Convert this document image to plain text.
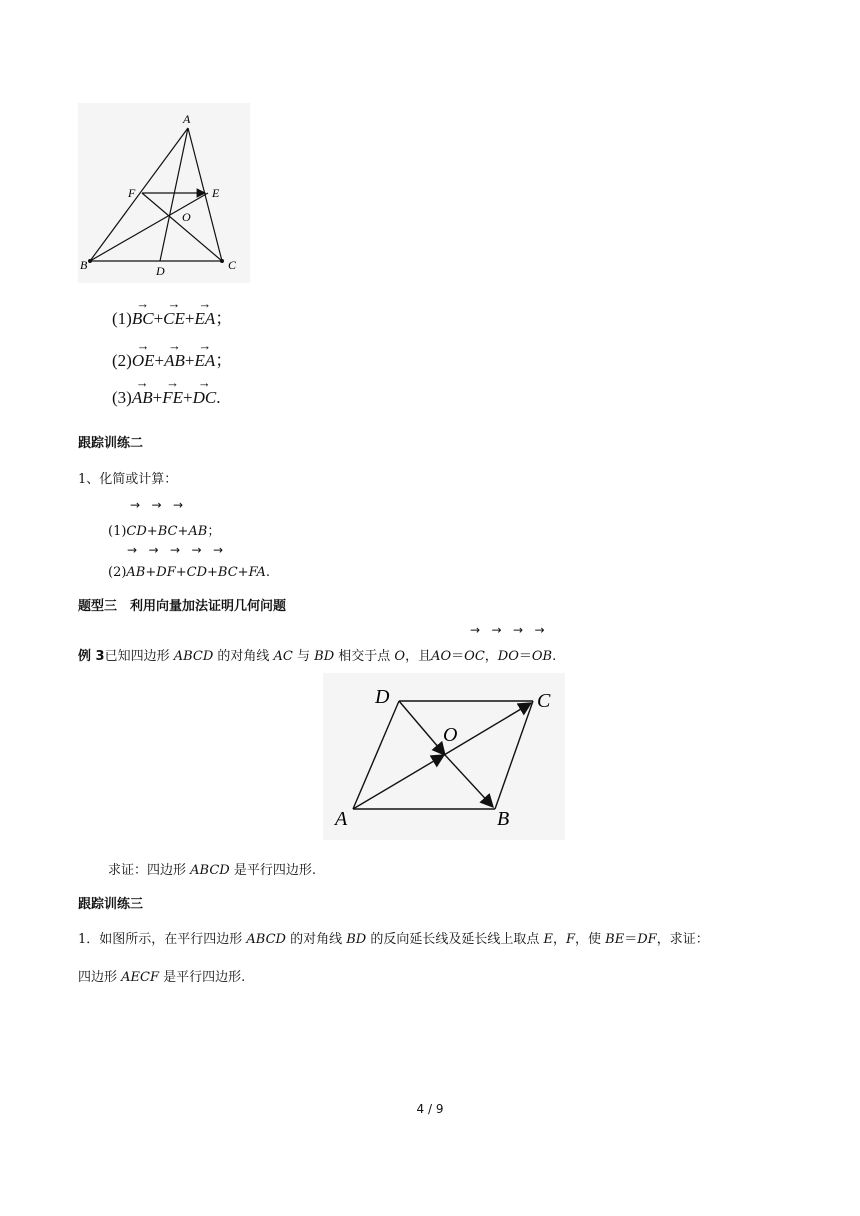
A
B	C
D
E
F
O
(1)→ BC+→ CE+→ EA；
(2)→ OE+→ AB+→ EA；
(3)→ AB+→ FE+→ DC.
跟踪训练二
1、化简或计算：
→   →   →
(1)CD+BC+AB；
→   →   →   →   →
(2)AB+DF+CD+BC+FA.
题型三　利用向量加法证明几何问题
→   →   →   →
例 3已知四边形 ABCD 的对角线 AC 与 BD 相交于点 O，且AO＝OC，DO＝OB.
A	B
C
D
O
求证：四边形 ABCD 是平行四边形.
跟踪训练三
1．如图所示，在平行四边形 ABCD 的对角线 BD 的反向延长线及延长线上取点 E，F，使 BE＝DF，求证：
四边形 AECF 是平行四边形.
4 / 9
